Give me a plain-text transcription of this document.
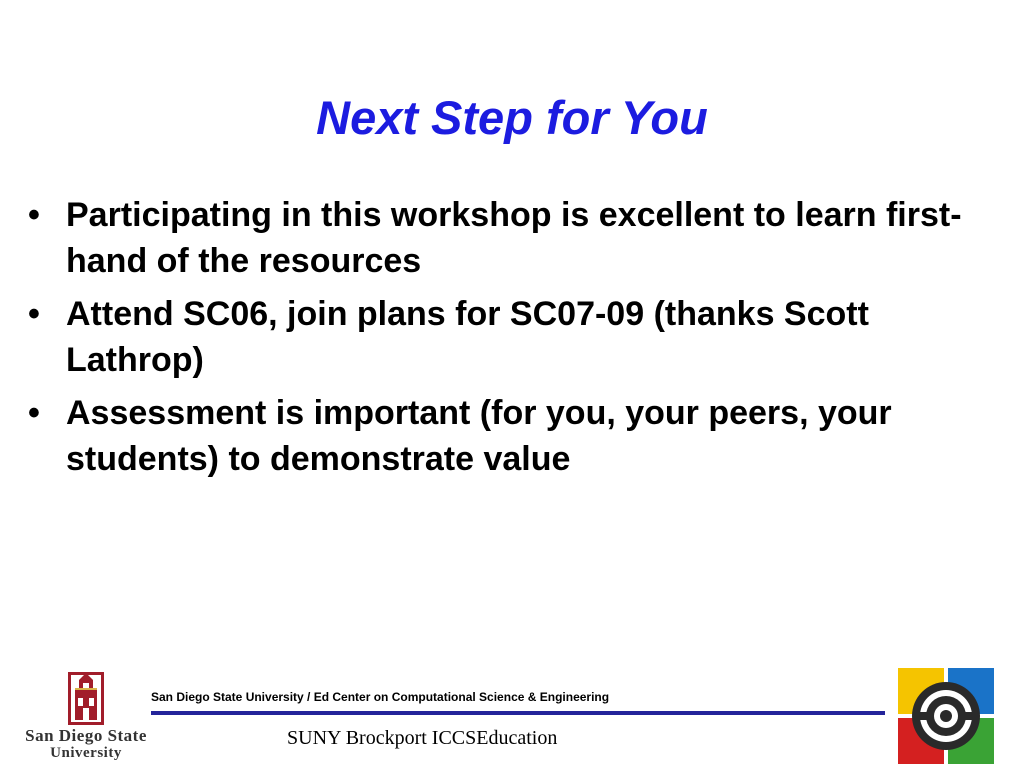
Next Step for You
• Participating in this workshop is excellent to learn first-hand of the resources
• Attend SC06, join plans for SC07-09 (thanks Scott Lathrop)
• Assessment is important (for you, your peers, your students) to demonstrate value
San Diego State
University
San Diego State University / Ed Center on Computational Science & Engineering
SUNY Brockport ICCSEducation
